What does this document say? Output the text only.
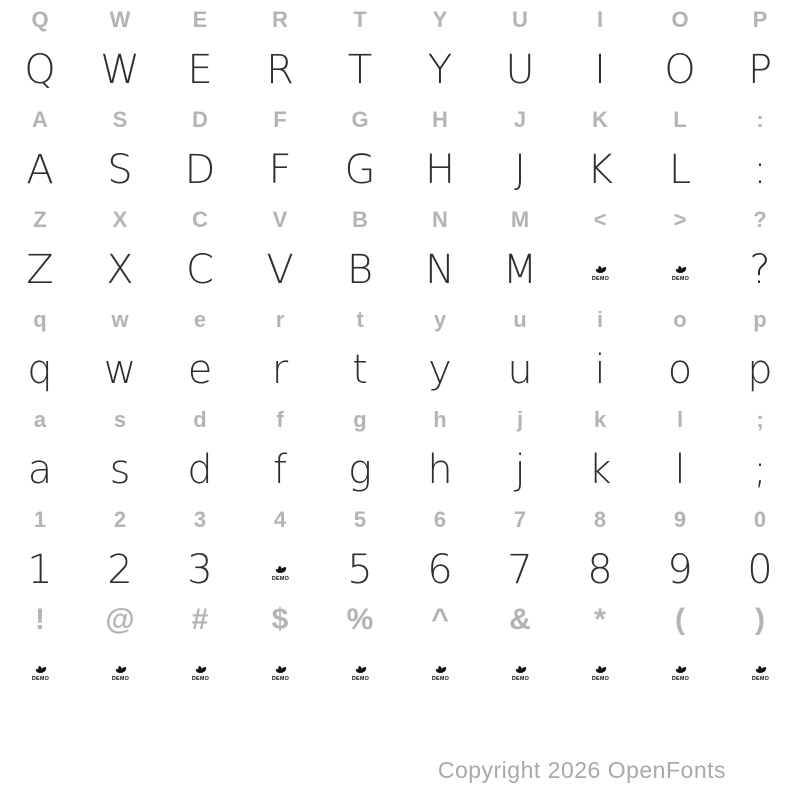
Q	W	E	R	T	Y	U	I	O	P
Q W E R T Y U I O P
A	S	D	F	G	H	J	K	L	:
A S D F G H J K L :
Z	X	C	V	B	N	M	<	>	?
Z X C V B N M	DEMO	DEMO ?
q	w	e	r	t	y	u	i	o	p
q w e r t y u i o p
a	s	d	f	g	h	j	k	l	;
a s d f g h j k l ;
1	2	3	4	5	6	7	8	9	0
1 2 3	DEMO 5 6 7 8 9 0
! @ # $ % ^ & * ( )
DEMO	DEMO	DEMO	DEMO	DEMO	DEMO	DEMO	DEMO	DEMO	DEMO
Copyright 2026 OpenFonts
